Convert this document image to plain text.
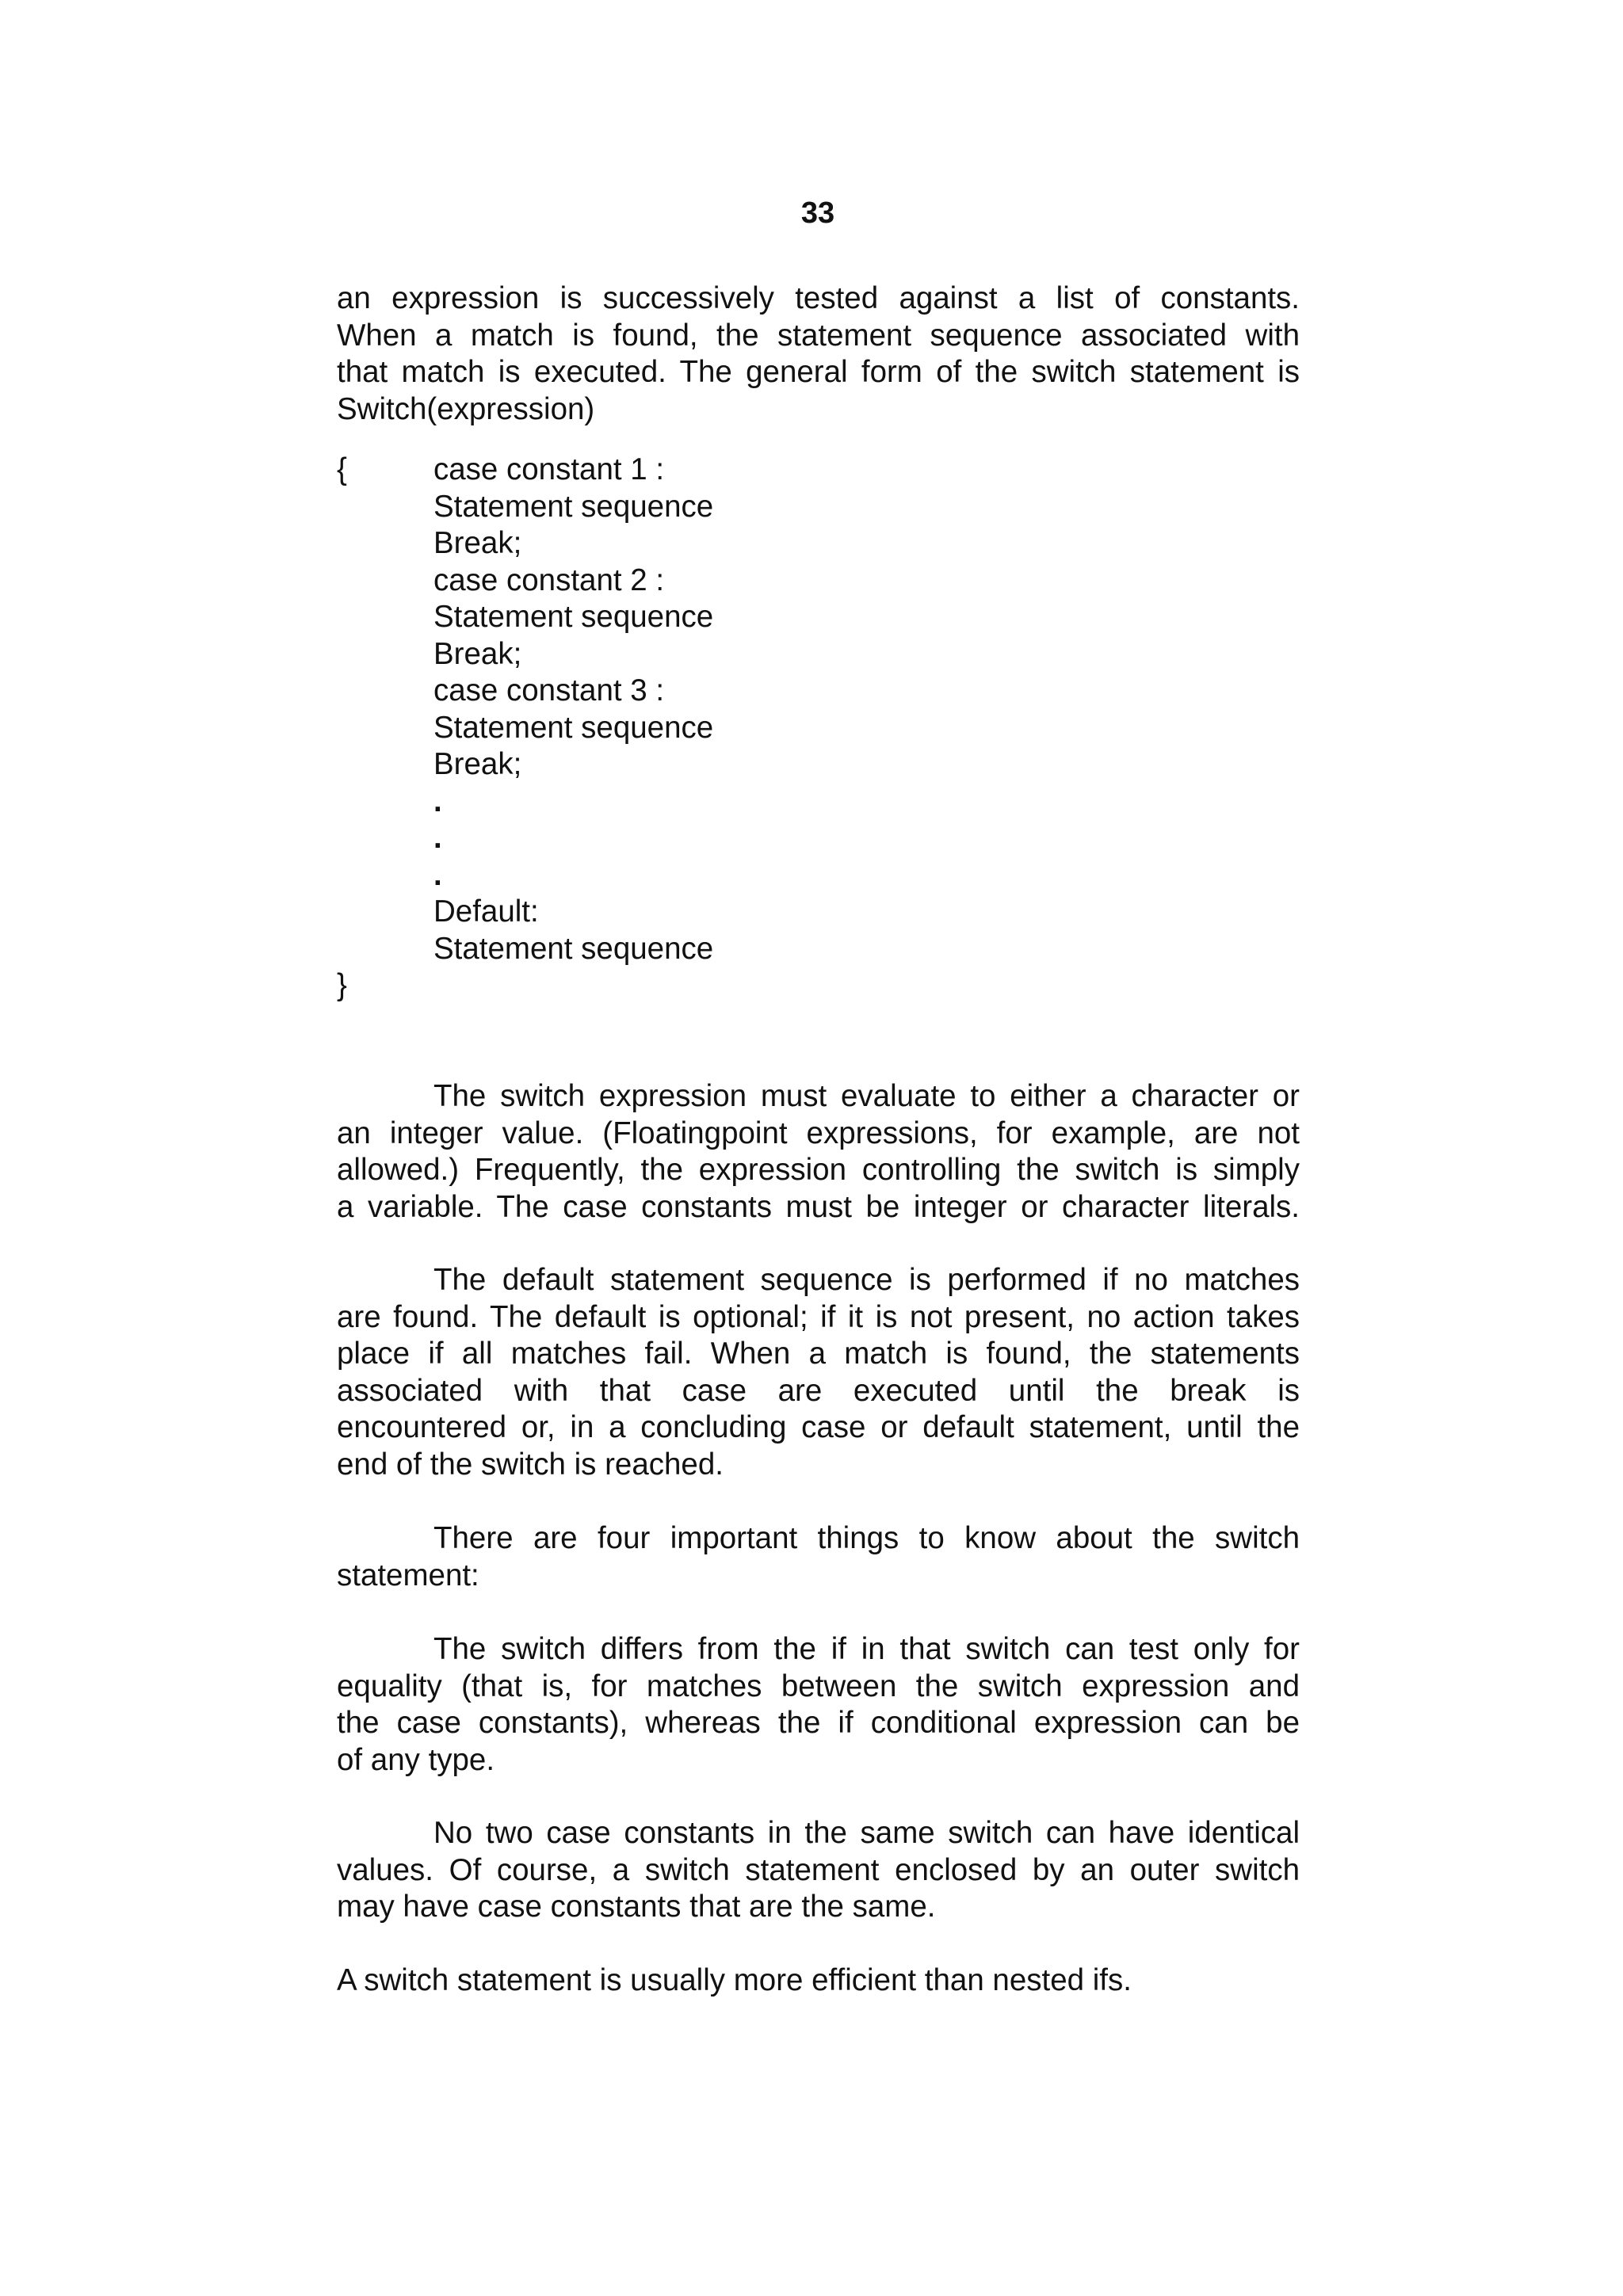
33
an expression is successively tested against a list of constants.
When a match is found, the statement sequence associated with
that match is executed. The general form of the switch statement is
Switch(expression)
{	case constant 1 :
Statement sequence
Break;
case constant 2 :
Statement sequence
Break;
case constant 3 :
Statement sequence
Break;
.
.
.
Default:
Statement sequence
}
The switch expression must evaluate to either a character or
an integer value. (Floatingpoint expressions, for example, are not
allowed.) Frequently, the expression controlling the switch is simply
a variable. The case constants must be integer or character literals.
The default statement sequence is performed if no matches
are found. The default is optional; if it is not present, no action takes
place if all matches fail. When a match is found, the statements
associated with that case are executed until the break is
encountered or, in a concluding case or default statement, until the
end of the switch is reached.
There are four important things to know about the switch
statement:
The switch differs from the if in that switch can test only for
equality (that is, for matches between the switch expression and
the case constants), whereas the if conditional expression can be
of any type.
No two case constants in the same switch can have identical
values. Of course, a switch statement enclosed by an outer switch
may have case constants that are the same.
A switch statement is usually more efficient than nested ifs.
